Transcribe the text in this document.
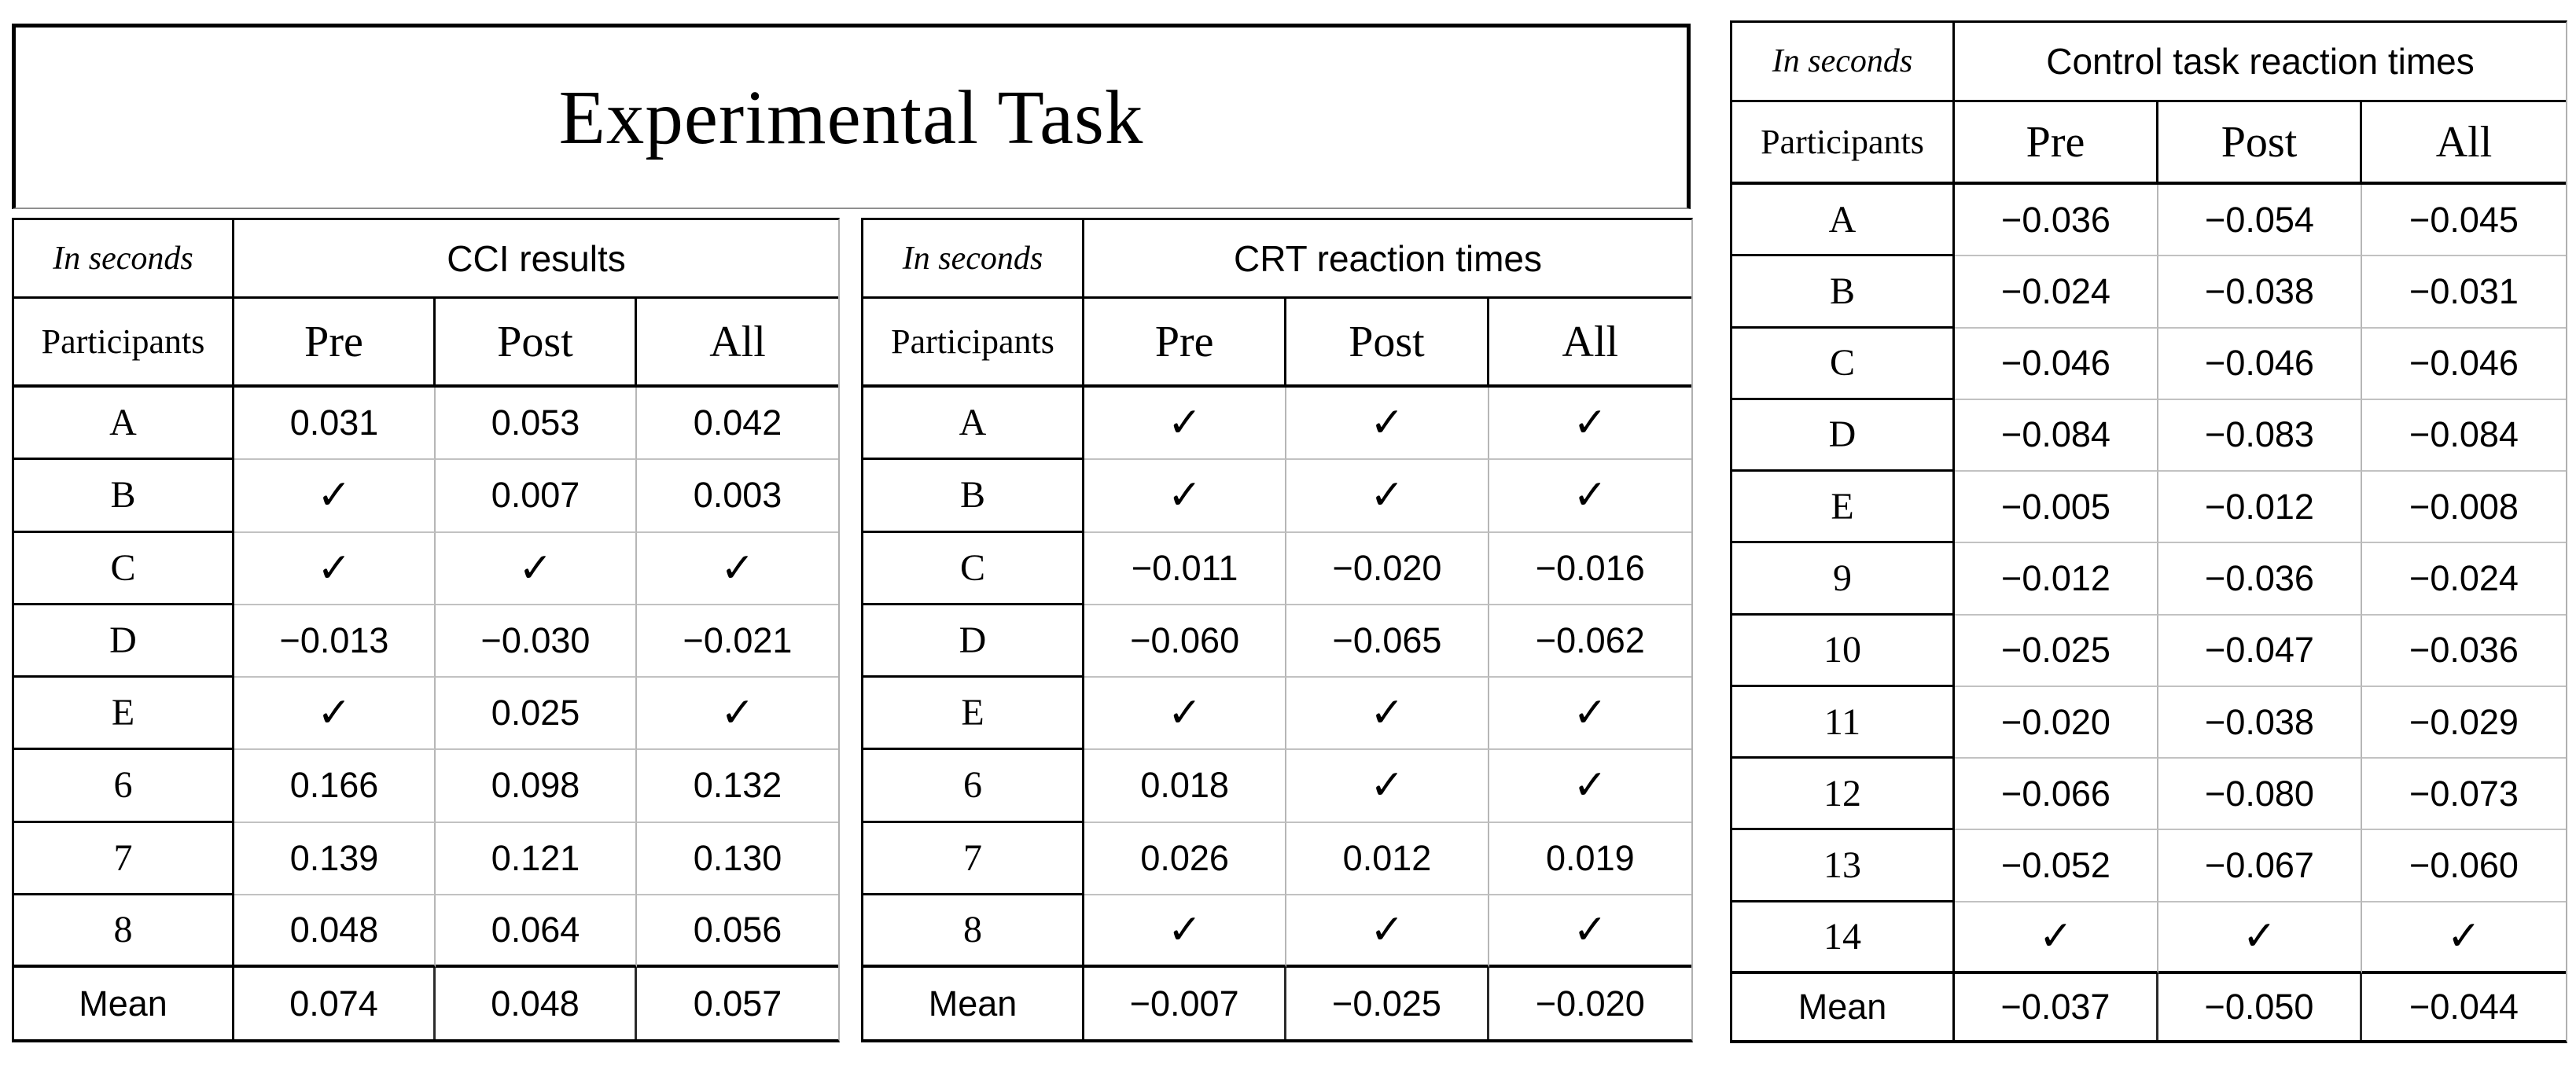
Experimental Task
In seconds	CCI results
Participants	Pre	Post	All
A	0.031	0.053	0.042
B	✓	0.007	0.003
C	✓	✓	✓
D	−0.013	−0.030	−0.021
E	✓	0.025	✓
6	0.166	0.098	0.132
7	0.139	0.121	0.130
8	0.048	0.064	0.056
Mean	0.074	0.048	0.057
In seconds	CRT reaction times
Participants	Pre	Post	All
A	✓	✓	✓
B	✓	✓	✓
C	−0.011	−0.020	−0.016
D	−0.060	−0.065	−0.062
E	✓	✓	✓
6	0.018	✓	✓
7	0.026	0.012	0.019
8	✓	✓	✓
Mean	−0.007	−0.025	−0.020
In seconds	Control task reaction times
Participants	Pre	Post	All
A	−0.036	−0.054	−0.045
B	−0.024	−0.038	−0.031
C	−0.046	−0.046	−0.046
D	−0.084	−0.083	−0.084
E	−0.005	−0.012	−0.008
9	−0.012	−0.036	−0.024
10	−0.025	−0.047	−0.036
11	−0.020	−0.038	−0.029
12	−0.066	−0.080	−0.073
13	−0.052	−0.067	−0.060
14	✓	✓	✓
Mean	−0.037	−0.050	−0.044
